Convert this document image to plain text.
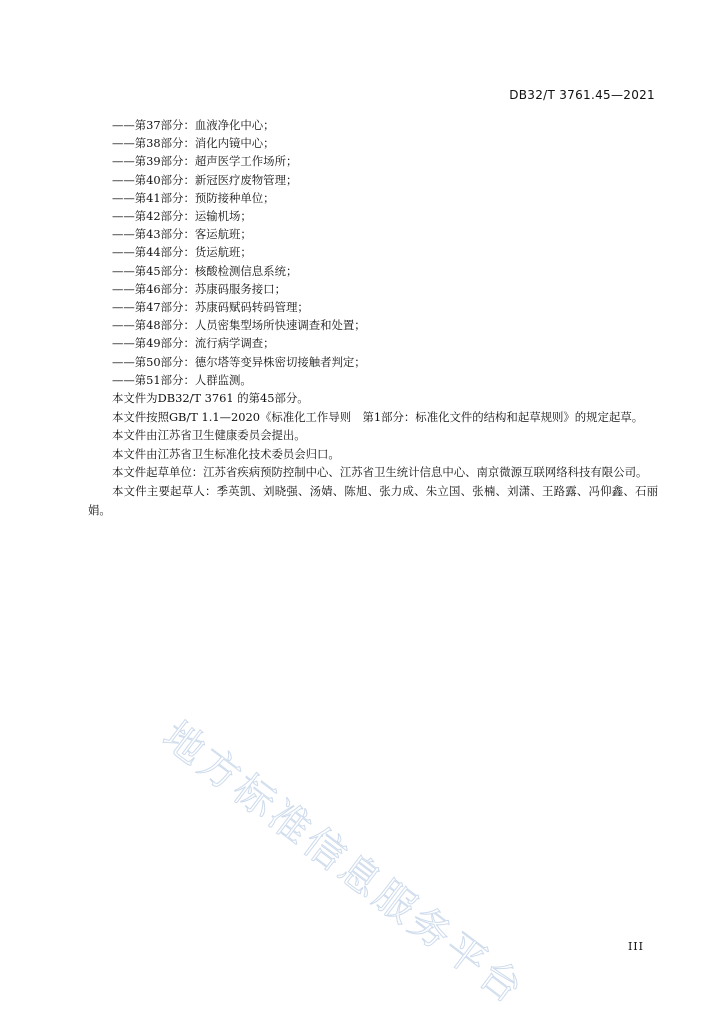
DB32/T 3761.45—2021
——第37部分：血液净化中心；
——第38部分：消化内镜中心；
——第39部分：超声医学工作场所；
——第40部分：新冠医疗废物管理；
——第41部分：预防接种单位；
——第42部分：运输机场；
——第43部分：客运航班；
——第44部分：货运航班；
——第45部分：核酸检测信息系统；
——第46部分：苏康码服务接口；
——第47部分：苏康码赋码转码管理；
——第48部分：人员密集型场所快速调查和处置；
——第49部分：流行病学调查；
——第50部分：德尔塔等变异株密切接触者判定；
——第51部分：人群监测。

本文件为DB32/T 3761 的第45部分。

本文件按照GB/T 1.1—2020《标准化工作导则　第1部分：标准化文件的结构和起草规则》的规定起草。

本文件由江苏省卫生健康委员会提出。

本文件由江苏省卫生标准化技术委员会归口。

本文件起草单位：江苏省疾病预防控制中心、江苏省卫生统计信息中心、南京微源互联网络科技有限公司。

本文件主要起草人：季英凯、刘晓强、汤婧、陈旭、张力成、朱立国、张楠、刘潇、王路露、冯仰鑫、石丽娟。

地方标准信息服务平台	III
